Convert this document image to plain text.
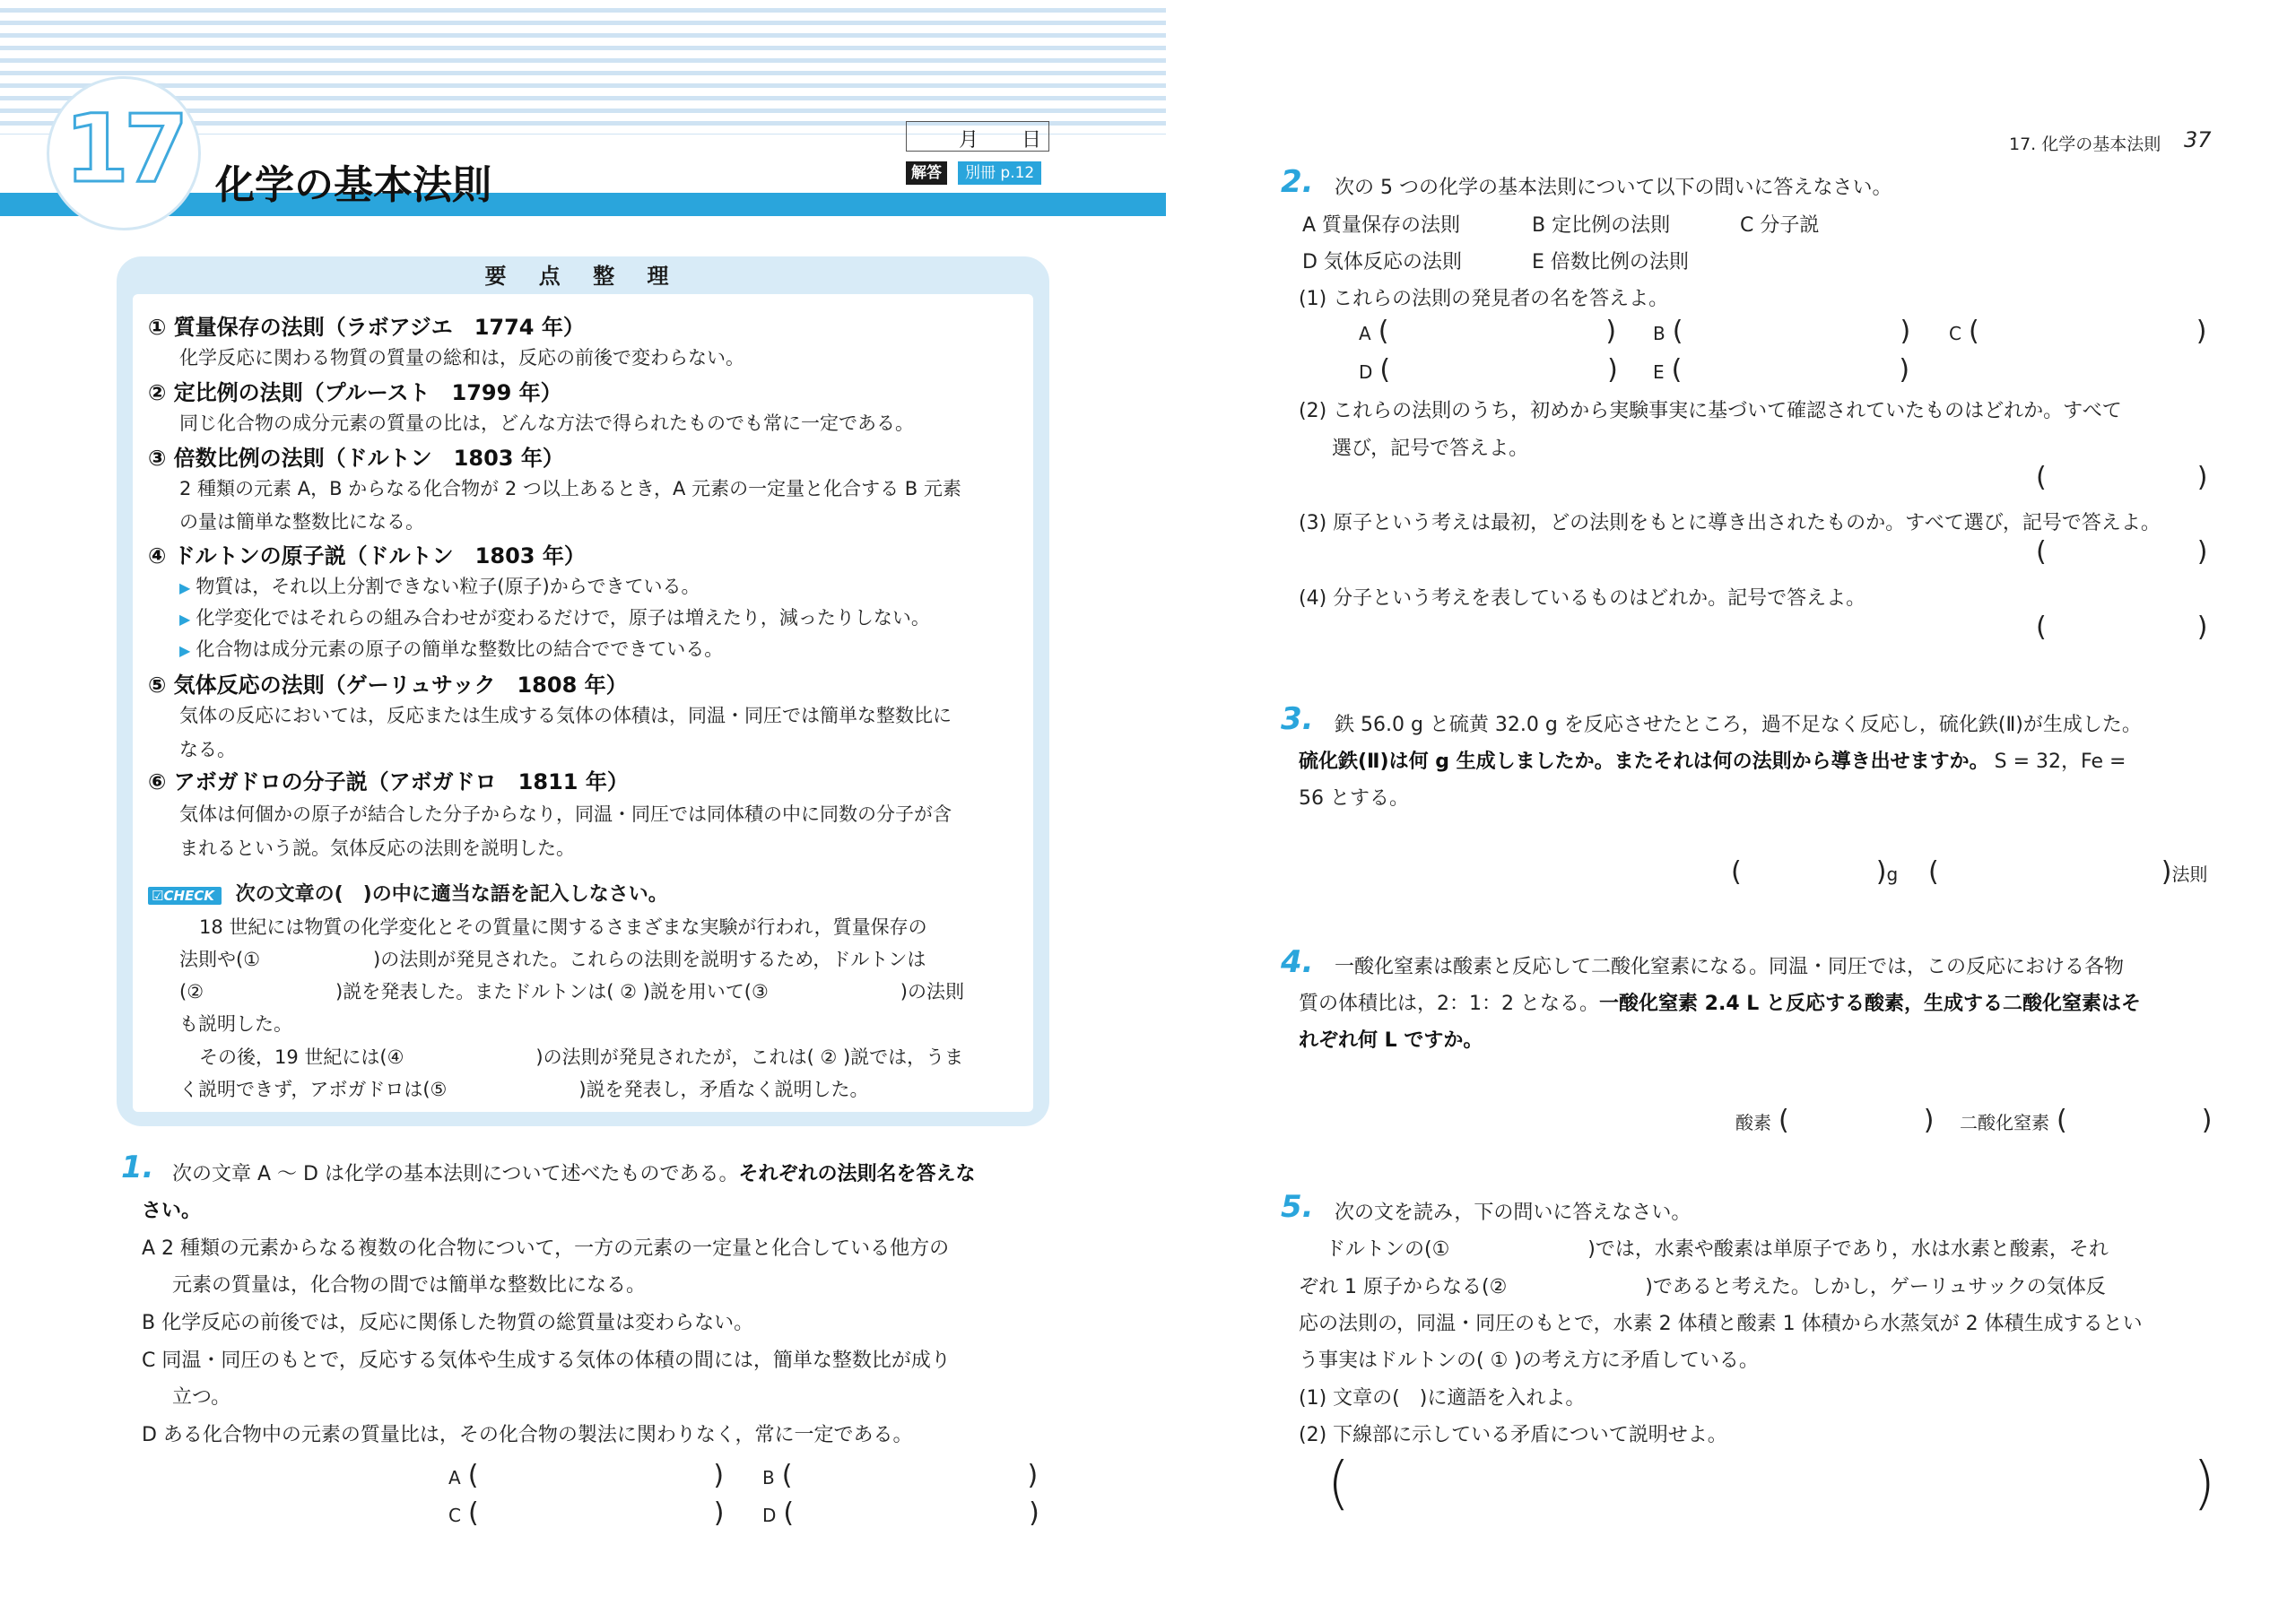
17 化学の基本法則
月 日
解答	別冊 p.12
要 点 整 理
① 質量保存の法則（ラボアジエ　1774 年）
化学反応に関わる物質の質量の総和は，反応の前後で変わらない。
② 定比例の法則（プルースト　1799 年）
同じ化合物の成分元素の質量の比は，どんな方法で得られたものでも常に一定である。
③ 倍数比例の法則（ドルトン　1803 年）
2 種類の元素 A，B からなる化合物が 2 つ以上あるとき，A 元素の一定量と化合する B 元素
の量は簡単な整数比になる。
④ ドルトンの原子説（ドルトン　1803 年）
▶ 物質は，それ以上分割できない粒子(原子)からできている。
▶ 化学変化ではそれらの組み合わせが変わるだけで，原子は増えたり，減ったりしない。
▶ 化合物は成分元素の原子の簡単な整数比の結合でできている。
⑤ 気体反応の法則（ゲーリュサック　1808 年）
気体の反応においては，反応または生成する気体の体積は，同温・同圧では簡単な整数比に
なる。
⑥ アボガドロの分子説（アボガドロ　1811 年）
気体は何個かの原子が結合した分子からなり，同温・同圧では同体積の中に同数の分子が含
まれるという説。気体反応の法則を説明した。
☑CHECK 次の文章の(　)の中に適当な語を記入しなさい。
18 世紀には物質の化学変化とその質量に関するさまざまな実験が行われ，質量保存の
法則や(①　　　　　　)の法則が発見された。これらの法則を説明するため，ドルトンは
(②　　　　　　　)説を発表した。またドルトンは( ② )説を用いて(③　　　　　　　)の法則
も説明した。
その後，19 世紀には(④　　　　　　　)の法則が発見されたが，これは( ② )説では，うま
く説明できず，アボガドロは(⑤　　　　　　　)説を発表し，矛盾なく説明した。
1. 次の文章 A ～ D は化学の基本法則について述べたものである。それぞれの法則名を答えな
さい。
A 2 種類の元素からなる複数の化合物について，一方の元素の一定量と化合している他方の
元素の質量は，化合物の間では簡単な整数比になる。
B 化学反応の前後では，反応に関係した物質の総質量は変わらない。
C 同温・同圧のもとで，反応する気体や生成する気体の体積の間には，簡単な整数比が成り
立つ。
D ある化合物中の元素の質量比は，その化合物の製法に関わりなく，常に一定である。
A (	) B (	)
C (	) D (	)
17. 化学の基本法則 37
2. 次の 5 つの化学の基本法則について以下の問いに答えなさい。
A 質量保存の法則	B 定比例の法則	C 分子説
D 気体反応の法則	E 倍数比例の法則
(1) これらの法則の発見者の名を答えよ。
A (	) B (	) C (	)
D (	) E (	)
(2) これらの法則のうち，初めから実験事実に基づいて確認されていたものはどれか。すべて
選び，記号で答えよ。
(	)
(3) 原子という考えは最初，どの法則をもとに導き出されたものか。すべて選び，記号で答えよ。
(	)
(4) 分子という考えを表しているものはどれか。記号で答えよ。
(	)
3. 鉄 56.0 g と硫黄 32.0 g を反応させたところ，過不足なく反応し，硫化鉄(Ⅱ)が生成した。
硫化鉄(Ⅱ)は何 g 生成しましたか。またそれは何の法則から導き出せますか。 S = 32，Fe =
56 とする。
(	)g (	)法則
4. 一酸化窒素は酸素と反応して二酸化窒素になる。同温・同圧では，この反応における各物
質の体積比は，2：1：2 となる。一酸化窒素 2.4 L と反応する酸素，生成する二酸化窒素はそ
れぞれ何 L ですか。
酸素 (	) 二酸化窒素 (	)
5. 次の文を読み，下の問いに答えなさい。
ドルトンの(①　　　　　　　)では，水素や酸素は単原子であり，水は水素と酸素，それ
ぞれ 1 原子からなる(②　　　　　　　)であると考えた。しかし，ゲーリュサックの気体反
応の法則の，同温・同圧のもとで，水素 2 体積と酸素 1 体積から水蒸気が 2 体積生成するとい
う事実はドルトンの( ① )の考え方に矛盾している。
(1) 文章の(　)に適語を入れよ。
(2) 下線部に示している矛盾について説明せよ。
(	)
